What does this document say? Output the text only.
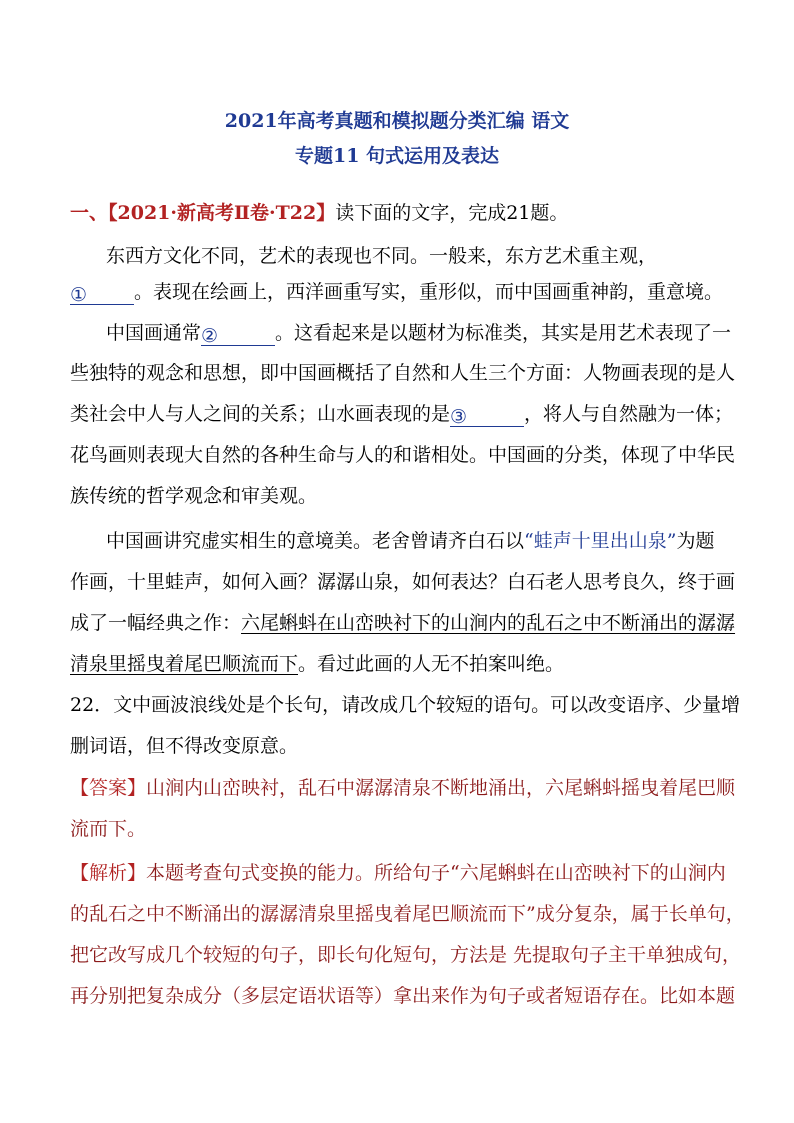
2021年高考真题和模拟题分类汇编 语文
专题11 句式运用及表达
一、【2021·新高考Ⅱ卷·T22】读下面的文字，完成21题。
东西方文化不同，艺术的表现也不同。一般来，东方艺术重主观，
① 。表现在绘画上，西洋画重写实，重形似，而中国画重神韵，重意境。
中国画通常②	。这看起来是以题材为标准类，其实是用艺术表现了一
些独特的观念和思想，即中国画概括了自然和人生三个方面：人物画表现的是人
类社会中人与人之间的关系；山水画表现的是③	，将人与自然融为一体；
花鸟画则表现大自然的各种生命与人的和谐相处。中国画的分类，体现了中华民
族传统的哲学观念和审美观。
中国画讲究虚实相生的意境美。老舍曾请齐白石以“蛙声十里出山泉”为题
作画，十里蛙声，如何入画？潺潺山泉，如何表达？白石老人思考良久，终于画
成了一幅经典之作：六尾蝌蚪在山峦映衬下的山涧内的乱石之中不断涌出的潺潺
清泉里摇曳着尾巴顺流而下。看过此画的人无不拍案叫绝。
22．文中画波浪线处是个长句，请改成几个较短的语句。可以改变语序、少量增
删词语，但不得改变原意。
【答案】山涧内山峦映衬，乱石中潺潺清泉不断地涌出，六尾蝌蚪摇曳着尾巴顺
流而下。
【解析】本题考查句式变换的能力。所给句子“六尾蝌蚪在山峦映衬下的山涧内
的乱石之中不断涌出的潺潺清泉里摇曳着尾巴顺流而下”成分复杂，属于长单句，
把它改写成几个较短的句子，即长句化短句，方法是 先提取句子主干单独成句，
再分别把复杂成分（多层定语状语等）拿出来作为句子或者短语存在。比如本题
